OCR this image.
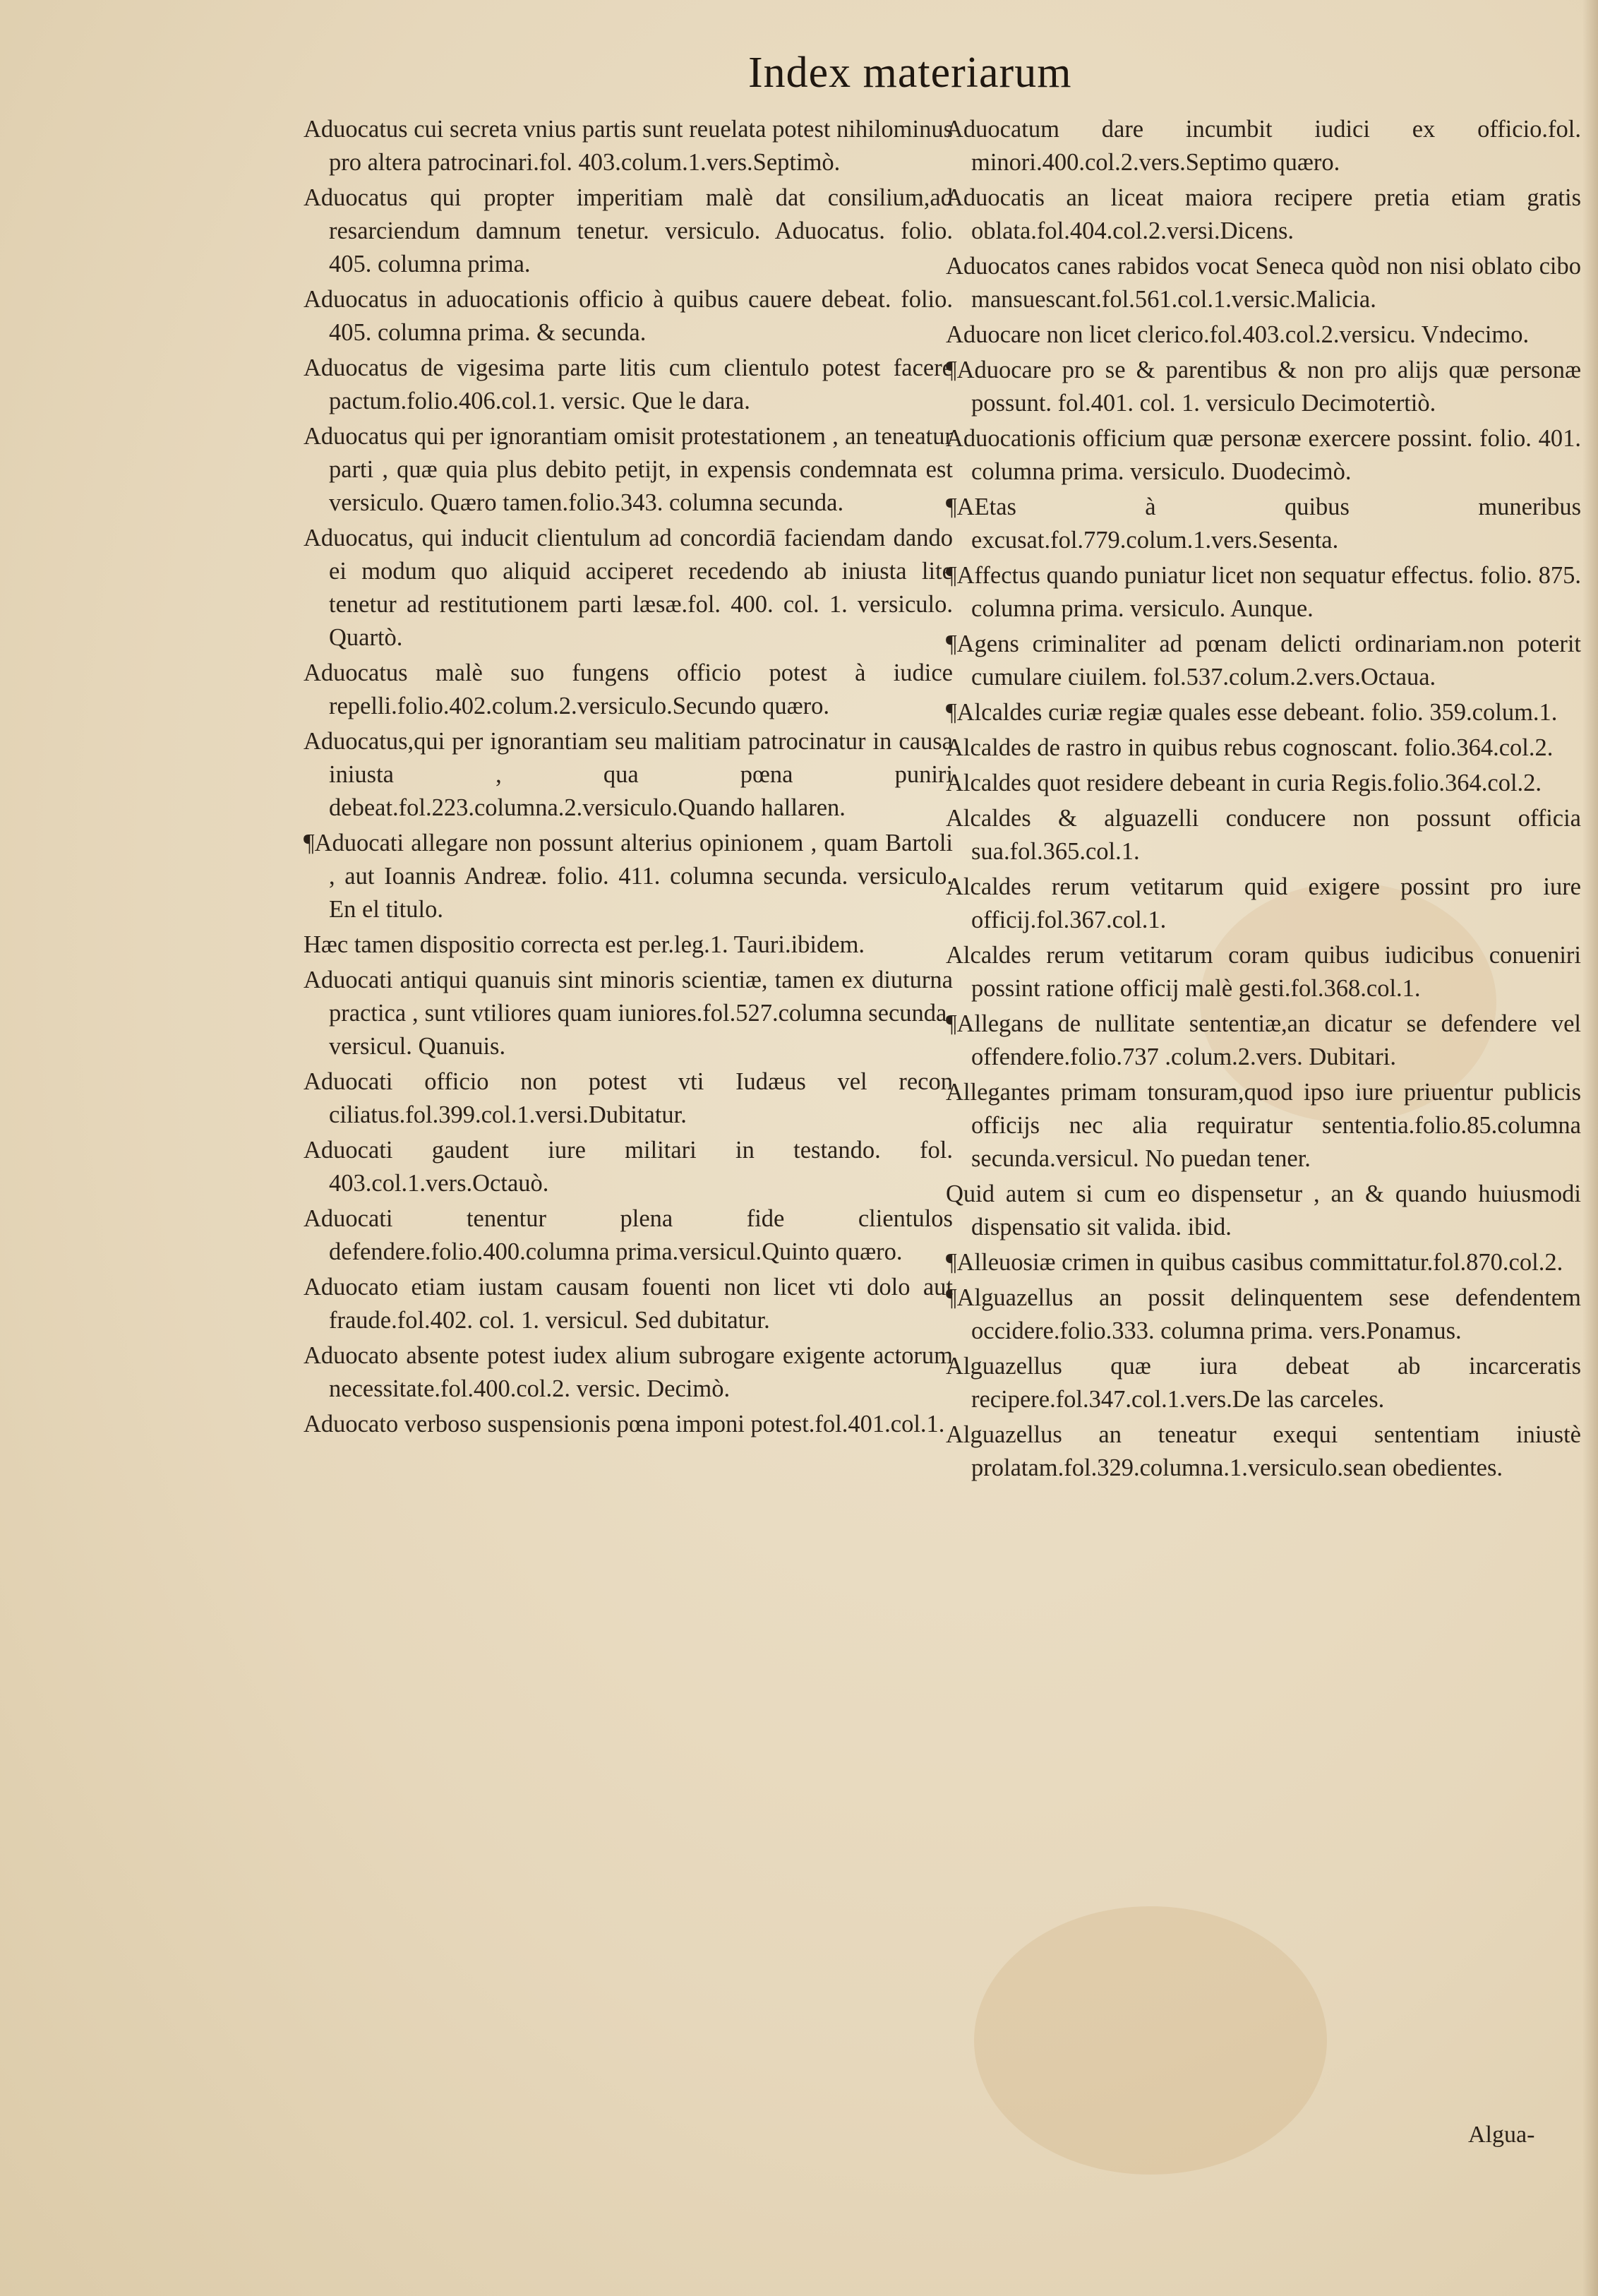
Index materiarum

Aduocatus cui secreta vnius partis sunt reuelata potest nihilominus pro altera patrocinari.fol. 403.colum.1.vers.Septimò.

Aduocatus qui propter imperitiam malè dat consilium,ad resarciendum damnum tenetur. versiculo. Aduocatus. folio. 405. columna prima.

Aduocatus in aduocationis officio à quibus cauere debeat. folio. 405. columna prima. & secunda.

Aduocatus de vigesima parte litis cum clientulo potest facere pactum.folio.406.col.1. versic. Que le dara.

Aduocatus qui per ignorantiam omisit protestationem , an teneatur parti , quæ quia plus debito petijt, in expensis condemnata est versiculo. Quæro tamen.folio.343. columna secunda.

Aduocatus, qui inducit clientulum ad concordiā faciendam dando ei modum quo aliquid acciperet recedendo ab iniusta lite tenetur ad restitutionem parti læsæ.fol. 400. col. 1. versiculo. Quartò.

Aduocatus malè suo fungens officio potest à iudice repelli.folio.402.colum.2.versiculo.Secundo quæro.

Aduocatus,qui per ignorantiam seu malitiam patrocinatur in causa iniusta , qua pœna puniri debeat.fol.223.columna.2.versiculo.Quando hallaren.

¶Aduocati allegare non possunt alterius opinionem , quam Bartoli , aut Ioannis Andreæ. folio. 411. columna secunda. versiculo. En el titulo.

Hæc tamen dispositio correcta est per.leg.1. Tauri.ibidem.

Aduocati antiqui quanuis sint minoris scientiæ, tamen ex diuturna practica , sunt vtiliores quam iuniores.fol.527.columna secunda. versicul. Quanuis.

Aduocati officio non potest vti Iudæus vel recon ciliatus.fol.399.col.1.versi.Dubitatur.

Aduocati gaudent iure militari in testando. fol. 403.col.1.vers.Octauò.

Aduocati tenentur plena fide clientulos defendere.folio.400.columna prima.versicul.Quinto quæro.

Aduocato etiam iustam causam fouenti non licet vti dolo aut fraude.fol.402. col. 1. versicul. Sed dubitatur.

Aduocato absente potest iudex alium subrogare exigente actorum necessitate.fol.400.col.2. versic. Decimò.

Aduocato verboso suspensionis pœna imponi potest.fol.401.col.1.

Aduocatum dare incumbit iudici ex officio.fol. minori.400.col.2.vers.Septimo quæro.

Aduocatis an liceat maiora recipere pretia etiam gratis oblata.fol.404.col.2.versi.Dicens.

Aduocatos canes rabidos vocat Seneca quòd non nisi oblato cibo mansuescant.fol.561.col.1.versic.Malicia.

Aduocare non licet clerico.fol.403.col.2.versicu. Vndecimo.

¶Aduocare pro se & parentibus & non pro alijs quæ personæ possunt. fol.401. col. 1. versiculo Decimotertiò.

Aduocationis officium quæ personæ exercere possint. folio. 401. columna prima. versiculo. Duodecimò.

¶AEtas à quibus muneribus excusat.fol.779.colum.1.vers.Sesenta.

¶Affectus quando puniatur licet non sequatur effectus. folio. 875. columna prima. versiculo. Aunque.

¶Agens criminaliter ad pœnam delicti ordinariam.non poterit cumulare ciuilem. fol.537.colum.2.vers.Octaua.

¶Alcaldes curiæ regiæ quales esse debeant. folio. 359.colum.1.

Alcaldes de rastro in quibus rebus cognoscant. folio.364.col.2.

Alcaldes quot residere debeant in curia Regis.folio.364.col.2.

Alcaldes & alguazelli conducere non possunt officia sua.fol.365.col.1.

Alcaldes rerum vetitarum quid exigere possint pro iure officij.fol.367.col.1.

Alcaldes rerum vetitarum coram quibus iudicibus conueniri possint ratione officij malè gesti.fol.368.col.1.

¶Allegans de nullitate sententiæ,an dicatur se defendere vel offendere.folio.737 .colum.2.vers. Dubitari.

Allegantes primam tonsuram,quod ipso iure priuentur publicis officijs nec alia requiratur sententia.folio.85.columna secunda.versicul. No puedan tener.

Quid autem si cum eo dispensetur , an & quando huiusmodi dispensatio sit valida. ibid.

¶Alleuosiæ crimen in quibus casibus committatur.fol.870.col.2.

¶Alguazellus an possit delinquentem sese defendentem occidere.folio.333. columna prima. vers.Ponamus.

Alguazellus quæ iura debeat ab incarceratis recipere.fol.347.col.1.vers.De las carceles.

Alguazellus an teneatur exequi sententiam iniustè prolatam.fol.329.columna.1.versiculo.sean obedientes.

Algua-
